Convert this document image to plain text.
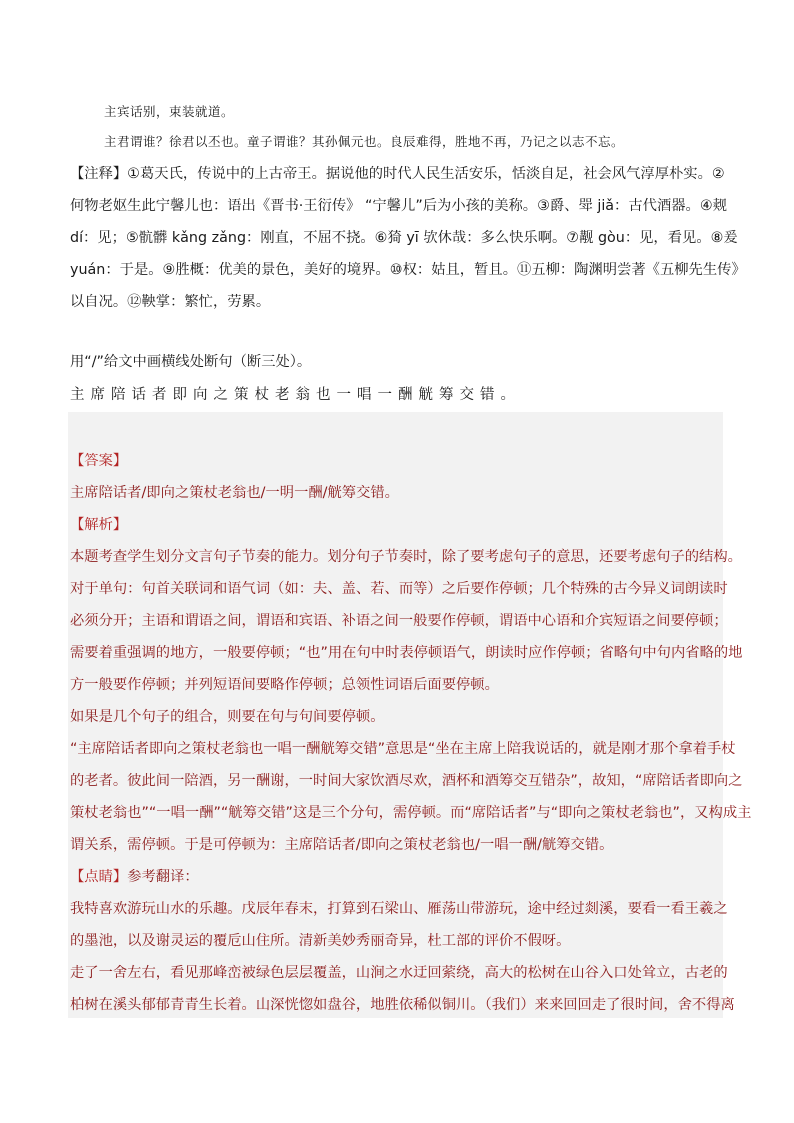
主宾话别，束装就道。
主君谓谁？徐君以丕也。童子谓谁？其孙佩元也。良辰难得，胜地不再，乃记之以志不忘。
【注释】①葛天氏，传说中的上古帝王。据说他的时代人民生活安乐，恬淡自足，社会风气淳厚朴实。②
何物老妪生此宁馨儿也：语出《晋书·王衍传》 “宁馨儿”后为小孩的美称。③爵、斝 jiǎ：古代酒器。④觌
dí：见；⑤骯髒 kǎng zǎng：刚直，不屈不挠。⑥猗 yī 欤休哉：多么快乐啊。⑦觏 gòu：见，看见。⑧爰
yuán：于是。⑨胜概：优美的景色，美好的境界。⑩权：姑且，暂且。⑪五柳：陶渊明尝著《五柳先生传》
以自况。⑫鞅掌：繁忙，劳累。
用“/”给文中画横线处断句（断三处）。
主席陪话者即向之策杖老翁也一唱一酬觥筹交错。
【答案】
主席陪话者/即向之策杖老翁也/一明一酬/觥筹交错。
【解析】
本题考查学生划分文言句子节奏的能力。划分句子节奏时，除了要考虑句子的意思，还要考虑句子的结构。
对于单句：句首关联词和语气词（如：夫、盖、若、而等）之后要作停顿；几个特殊的古今异义词朗读时
必须分开；主语和谓语之间，谓语和宾语、补语之间一般要作停顿，谓语中心语和介宾短语之间要停顿；
需要着重强调的地方，一般要停顿；“也”用在句中时表停顿语气，朗读时应作停顿；省略句中句内省略的地
方一般要作停顿；并列短语间要略作停顿；总领性词语后面要停顿。
如果是几个句子的组合，则要在句与句间要停顿。
“主席陪话者即向之策杖老翁也一唱一酬觥筹交错”意思是“坐在主席上陪我说话的，就是刚才那个拿着手杖
的老者。彼此间一陪酒，另一酬谢，一时间大家饮酒尽欢，酒杯和酒筹交互错杂”，故知，“席陪话者即向之
策杖老翁也”“一唱一酬”“觥筹交错”这是三个分句，需停顿。而“席陪话者”与“即向之策杖老翁也”，又构成主
谓关系，需停顿。于是可停顿为：主席陪话者/即向之策杖老翁也/一唱一酬/觥筹交错。
【点睛】参考翻译：
我特喜欢游玩山水的乐趣。戊辰年春末，打算到石梁山、雁荡山带游玩，途中经过剡溪，要看一看王羲之
的墨池，以及谢灵运的覆卮山住所。清新美妙秀丽奇异，杜工部的评价不假呀。
走了一舍左右，看见那峰峦被绿色层层覆盖，山涧之水迂回萦绕，高大的松树在山谷入口处耸立，古老的
柏树在溪头郁郁青青生长着。山深恍惚如盘谷，地胜依稀似铜川。（我们）来来回回走了很时间，舍不得离
